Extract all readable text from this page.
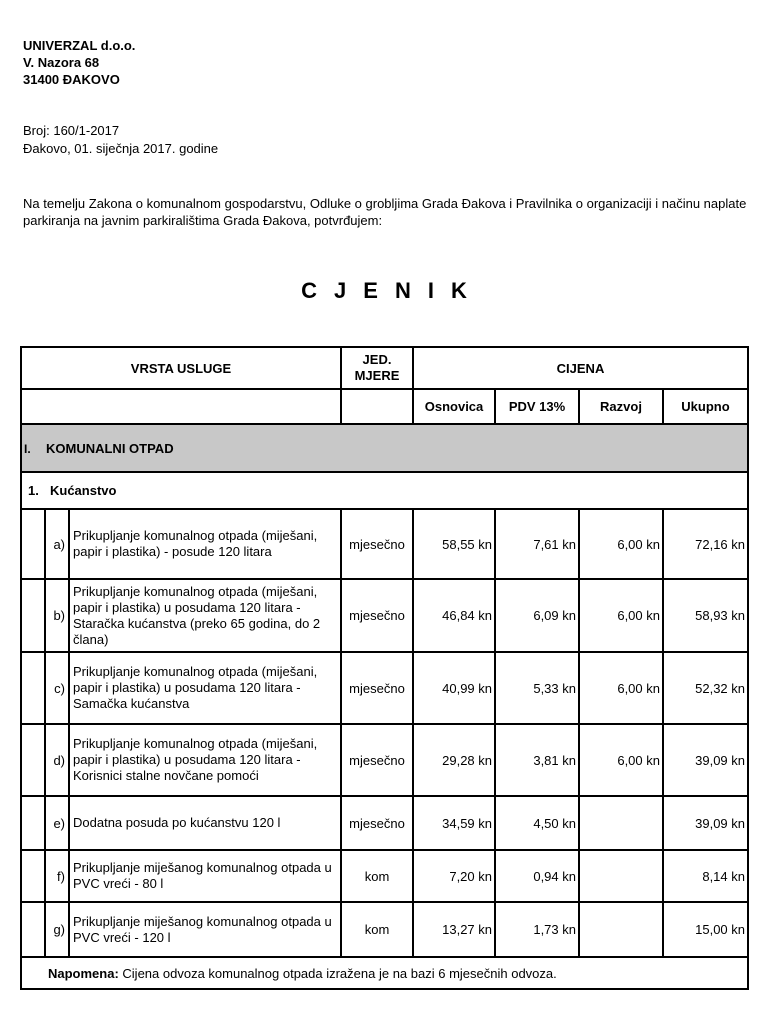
UNIVERZAL d.o.o.
V. Nazora 68
31400 ĐAKOVO
Broj: 160/1-2017
Đakovo, 01. siječnja 2017. godine
Na temelju Zakona o komunalnom gospodarstvu, Odluke o grobljima Grada Đakova i Pravilnika o organizaciji i načinu naplate parkiranja na javnim parkiralištima Grada Đakova, potvrđujem:
CJENIK
VRSTA USLUGE			JED. MJERE	CIJENA			
				Osnovica	PDV 13%	Razvoj	Ukupno
I. KOMUNALNI OTPAD							
1. Kućanstvo							
	a)	Prikupljanje komunalnog otpada (miješani, papir i plastika) - posude 120 litara	mjesečno	58,55 kn	7,61 kn	6,00 kn	72,16 kn
	b)	Prikupljanje komunalnog otpada (miješani, papir i plastika) u posudama 120 litara - Staračka kućanstva (preko 65 godina, do 2 člana)	mjesečno	46,84 kn	6,09 kn	6,00 kn	58,93 kn
	c)	Prikupljanje komunalnog otpada (miješani, papir i plastika) u posudama 120 litara - Samačka kućanstva	mjesečno	40,99 kn	5,33 kn	6,00 kn	52,32 kn
	d)	Prikupljanje komunalnog otpada (miješani, papir i plastika) u posudama 120 litara - Korisnici stalne novčane pomoći	mjesečno	29,28 kn	3,81 kn	6,00 kn	39,09 kn
	e)	Dodatna posuda po kućanstvu 120 l	mjesečno	34,59 kn	4,50 kn		39,09 kn
	f)	Prikupljanje miješanog komunalnog otpada u PVC vreći - 80 l	kom	7,20 kn	0,94 kn		8,14 kn
	g)	Prikupljanje miješanog komunalnog otpada u PVC vreći - 120 l	kom	13,27 kn	1,73 kn		15,00 kn
Napomena: Cijena odvoza komunalnog otpada izražena je na bazi 6 mjesečnih odvoza.							
